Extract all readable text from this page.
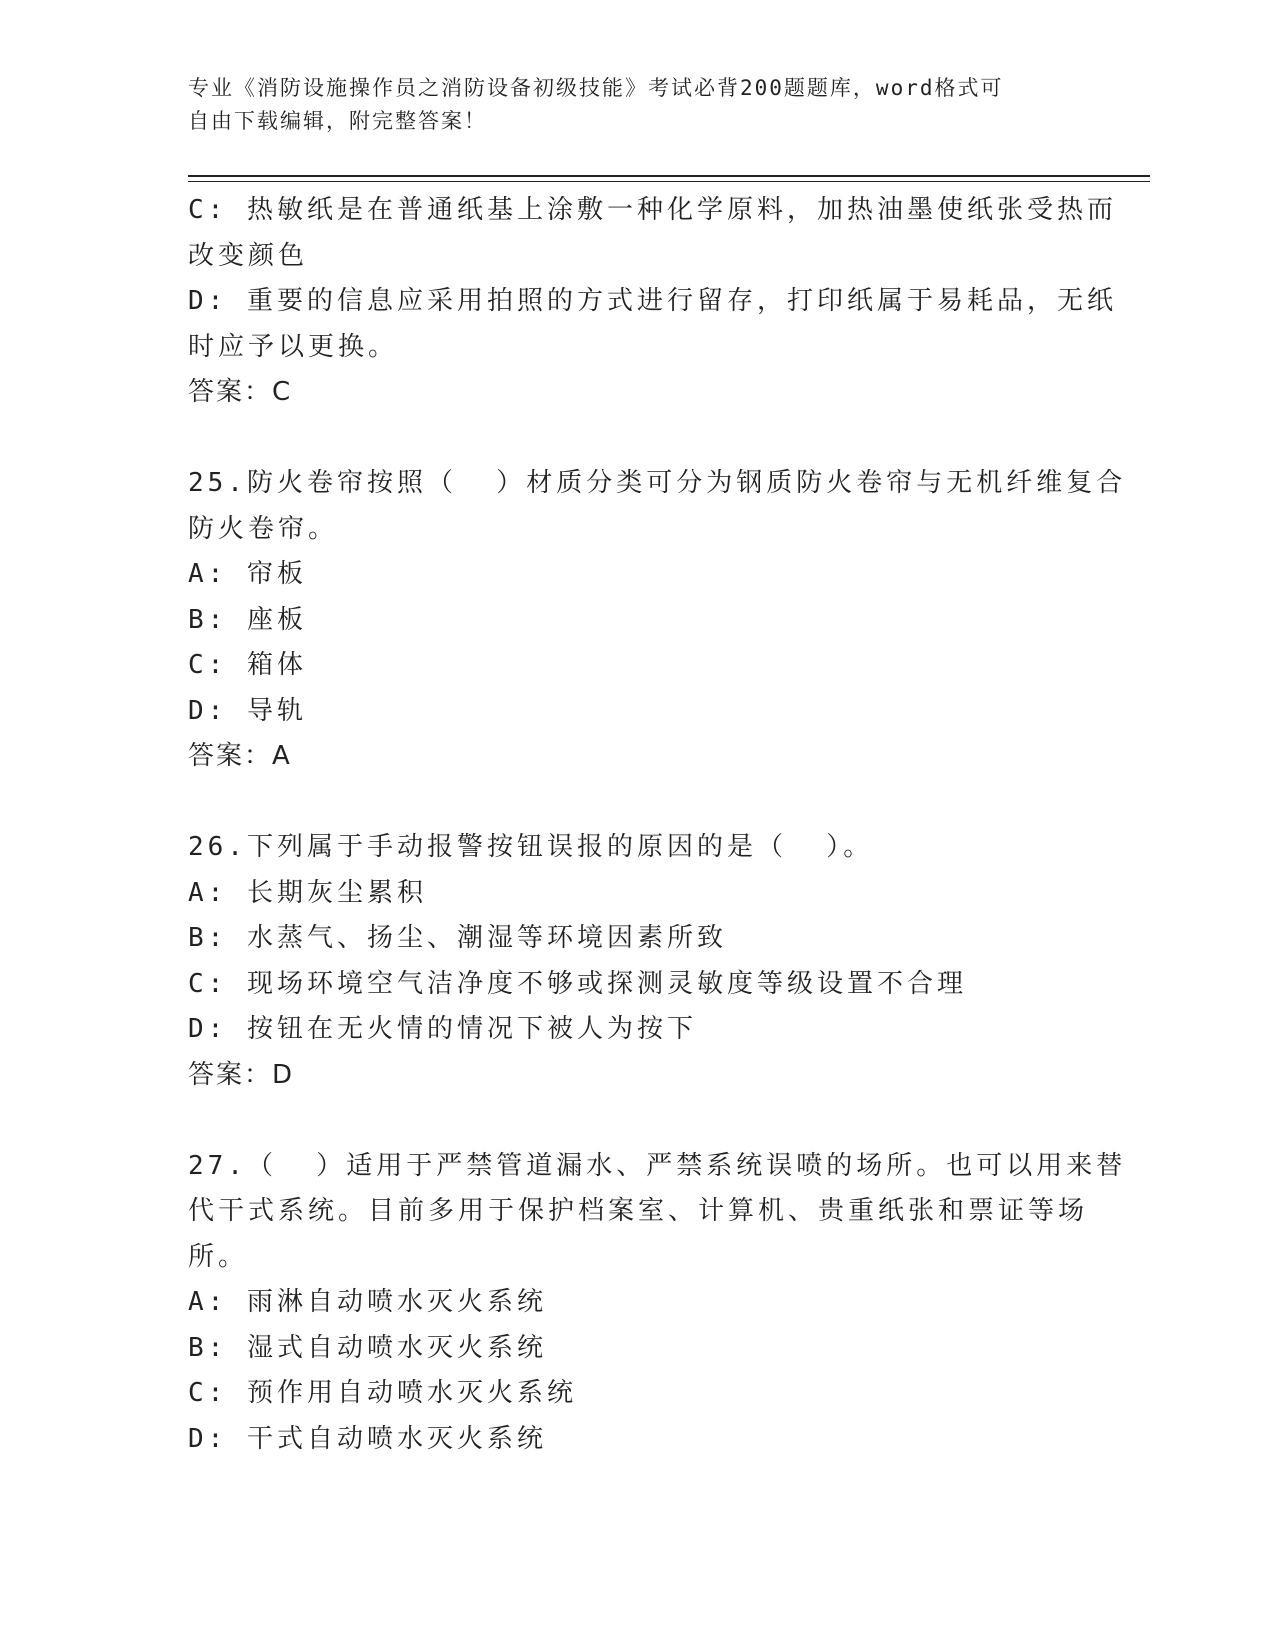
专业《消防设施操作员之消防设备初级技能》考试必背200题题库，word格式可
自由下载编辑，附完整答案！
C: 热敏纸是在普通纸基上涂敷一种化学原料，加热油墨使纸张受热而
改变颜色
D: 重要的信息应采用拍照的方式进行留存，打印纸属于易耗品，无纸
时应予以更换。
答案：C
25.防火卷帘按照（  ）材质分类可分为钢质防火卷帘与无机纤维复合
防火卷帘。
A: 帘板
B: 座板
C: 箱体
D: 导轨
答案：A
26.下列属于手动报警按钮误报的原因的是（  ）。
A: 长期灰尘累积
B: 水蒸气、扬尘、潮湿等环境因素所致
C: 现场环境空气洁净度不够或探测灵敏度等级设置不合理
D: 按钮在无火情的情况下被人为按下
答案：D
27.（  ）适用于严禁管道漏水、严禁系统误喷的场所。也可以用来替
代干式系统。目前多用于保护档案室、计算机、贵重纸张和票证等场
所。
A: 雨淋自动喷水灭火系统
B: 湿式自动喷水灭火系统
C: 预作用自动喷水灭火系统
D: 干式自动喷水灭火系统
